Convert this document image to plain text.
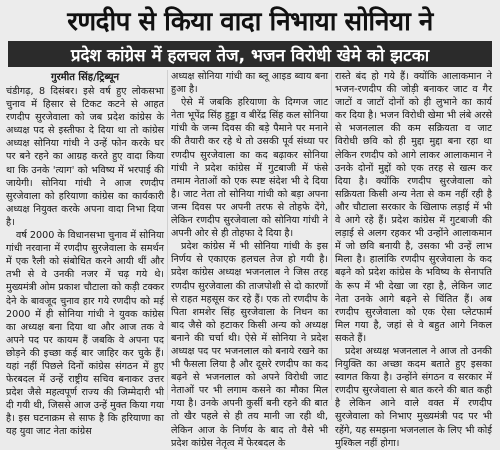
रणदीप से किया वादा निभाया सोनिया ने
प्रदेश कांग्रेस में हलचल तेज, भजन विरोधी खेमे को झटका
गुरमीत सिंह/ट्रिब्यून

चंडीगढ़, 8 दिसंबर। इसे वर्ष हुए लोकसभा चुनाव में हिसार से टिकट कटने से आहत रणदीप सुरजेवाला को जब प्रदेश कांग्रेस के अध्यक्ष पद से इस्तीफा दे दिया था तो कांग्रेस अध्यक्ष सोनिया गांधी ने उन्हें फोन करके घर पर बने रहने का आग्रह करते हुए वादा किया था कि उनके 'त्याग' को भविष्य में भरपाई की जायेगी। सोनिया गांधी ने आज रणदीप सुरजेवाला को हरियाणा कांग्रेस का कार्यकारी अध्यक्ष नियुक्त करके अपना वादा निभा दिया है।

वर्ष 2000 के विधानसभा चुनाव में सोनिया गांधी नरवाना में रणदीप सुरजेवाला के समर्थन में एक रैली को संबोधित करने आयी थीं और तभी से वे उनकी नजर में चढ़ गये थे। मुख्यमंत्री ओम प्रकाश चौटाला को कड़ी टक्कर देने के बावजूद चुनाव हार गये रणदीप को मई 2000 में ही सोनिया गांधी ने युवक कांग्रेस का अध्यक्ष बना दिया था और आज तक वे अपने पद पर कायम हैं जबकि वे अपना पद छोड़ने की इच्छा कई बार जाहिर कर चुके हैं। यहां नहीं पिछले दिनों कांग्रेस संगठन में हुए फेरबदल में उन्हें राष्ट्रीय सचिव बनाकर उत्तर प्रदेश जैसे महत्वपूर्ण राज्य की जिम्मेदारी भी दी गयी थी, जिससे आज उन्हें मुक्त किया गया है। इस घटनाक्रम से साफ है कि हरियाणा का यह युवा जाट नेता कांग्रेस

अध्यक्ष सोनिया गांधी का ब्लू आइड ब्वाय बना हुआ है।

ऐसे में जबकि हरियाणा के दिग्गज जाट नेता भूपेंद्र सिंह हुड्डा व बीरेंद्र सिंह कल सोनिया गांधी के जन्म दिवस की बड़े पैमाने पर मनाने की तैयारी कर रहे थे तो उसकी पूर्व संध्या पर रणदीप सुरजेवाला का कद बढ़ाकर सोनिया गांधी ने प्रदेश कांग्रेस में गुटबाजी में फंसे तमाम नेताओं को एक स्पष्ट संदेश भी दे दिया है। जाट नेता तो सोनिया गांधी को बड़ा अपना जन्म दिवस पर अपनी तरफ से तोहफे देंगे, लेकिन रणदीप सुरजेवाला को सोनिया गांधी ने अपनी ओर से ही तोहफा दे दिया है।

प्रदेश कांग्रेस में भी सोनिया गांधी के इस निर्णय से एकाएक हलचल तेज हो गयी है। प्रदेश कांग्रेस अध्यक्ष भजनलाल ने जिस तरह रणदीप सुरजेवाला की ताजपोशी से दो कारणों से राहत महसूस कर रहे हैं। एक तो रणदीप के पिता शमशेर सिंह सुरजेवाला के निधन का बाद जैसे को हटाकर किसी अन्य को अध्यक्ष बनाने की चर्चा थी। ऐसे में सोनिया ने प्रदेश अध्यक्ष पद पर भजनलाल को बनाये रखने का भी फैसला लिया है और दूसरे रणदीप का कद बढ़ने से भजनलाल को अपने विरोधी जाट नेताओं पर भी लगाम कसने का मौका मिल गया है। उनके अपनी कुर्सी बनी रहने की बात तो खैर पहले से ही तय मानी जा रही थी, लेकिन आज के निर्णय के बाद तो वैसे भी प्रदेश कांग्रेस नेतृत्व में फेरबदल के

रास्ते बंद हो गये हैं। क्योंकि आलाकमान ने भजन-रणदीप की जोड़ी बनाकर जाट व गैर जाटों व जाटों दोनों को ही लुभाने का कार्य कर दिया है। भजन विरोधी खेमा भी लंबे अरसे से भजनलाल की कम सक्रियता व जाट विरोधी छवि को ही मुद्दा मुद्दा बना रहा था लेकिन रणदीप को आगे लाकर आलाकमान ने उनके दोनों मुद्दों को एक तरह से खत्म कर दिया है। क्योंकि रणदीप सुरजेवाला को सक्रियता किसी अन्य नेता से कम नहीं रही है और चौटाला सरकार के खिलाफ लड़ाई में भी वे आगे रहे हैं। प्रदेश कांग्रेस में गुटबाजी की लड़ाई से अलग रहकर भी उन्होंने आलाकमान में जो छवि बनायी है, उसका भी उन्हें लाभ मिला है। हालांकि रणदीप सुरजेवाला के कद बढ़ने को प्रदेश कांग्रेस के भविष्य के सेनापति के रूप में भी देखा जा रहा है, लेकिन जाट नेता उनके आगे बढ़ने से चिंतित हैं। अब रणदीप सुरजेवाला को एक ऐसा प्लेटफार्म मिल गया है, जहां से वे बहुत आगे निकल सकते हैं।

प्रदेश अध्यक्ष भजनलाल ने आज तो उनकी नियुक्ति का अच्छा कदम बताते हुए इसका स्वागत किया है। उन्होंने संगठन व सरकार में रणदीप सुरजेवाला से बात करने की बात कही है लेकिन आने वाले वक्त में रणदीप सुरजेवाला को निभाए मुख्यमंत्री पद पर भी रहेंगे, यह समझना भजनलाल के लिए भी कोई मुश्किल नहीं होगा।
